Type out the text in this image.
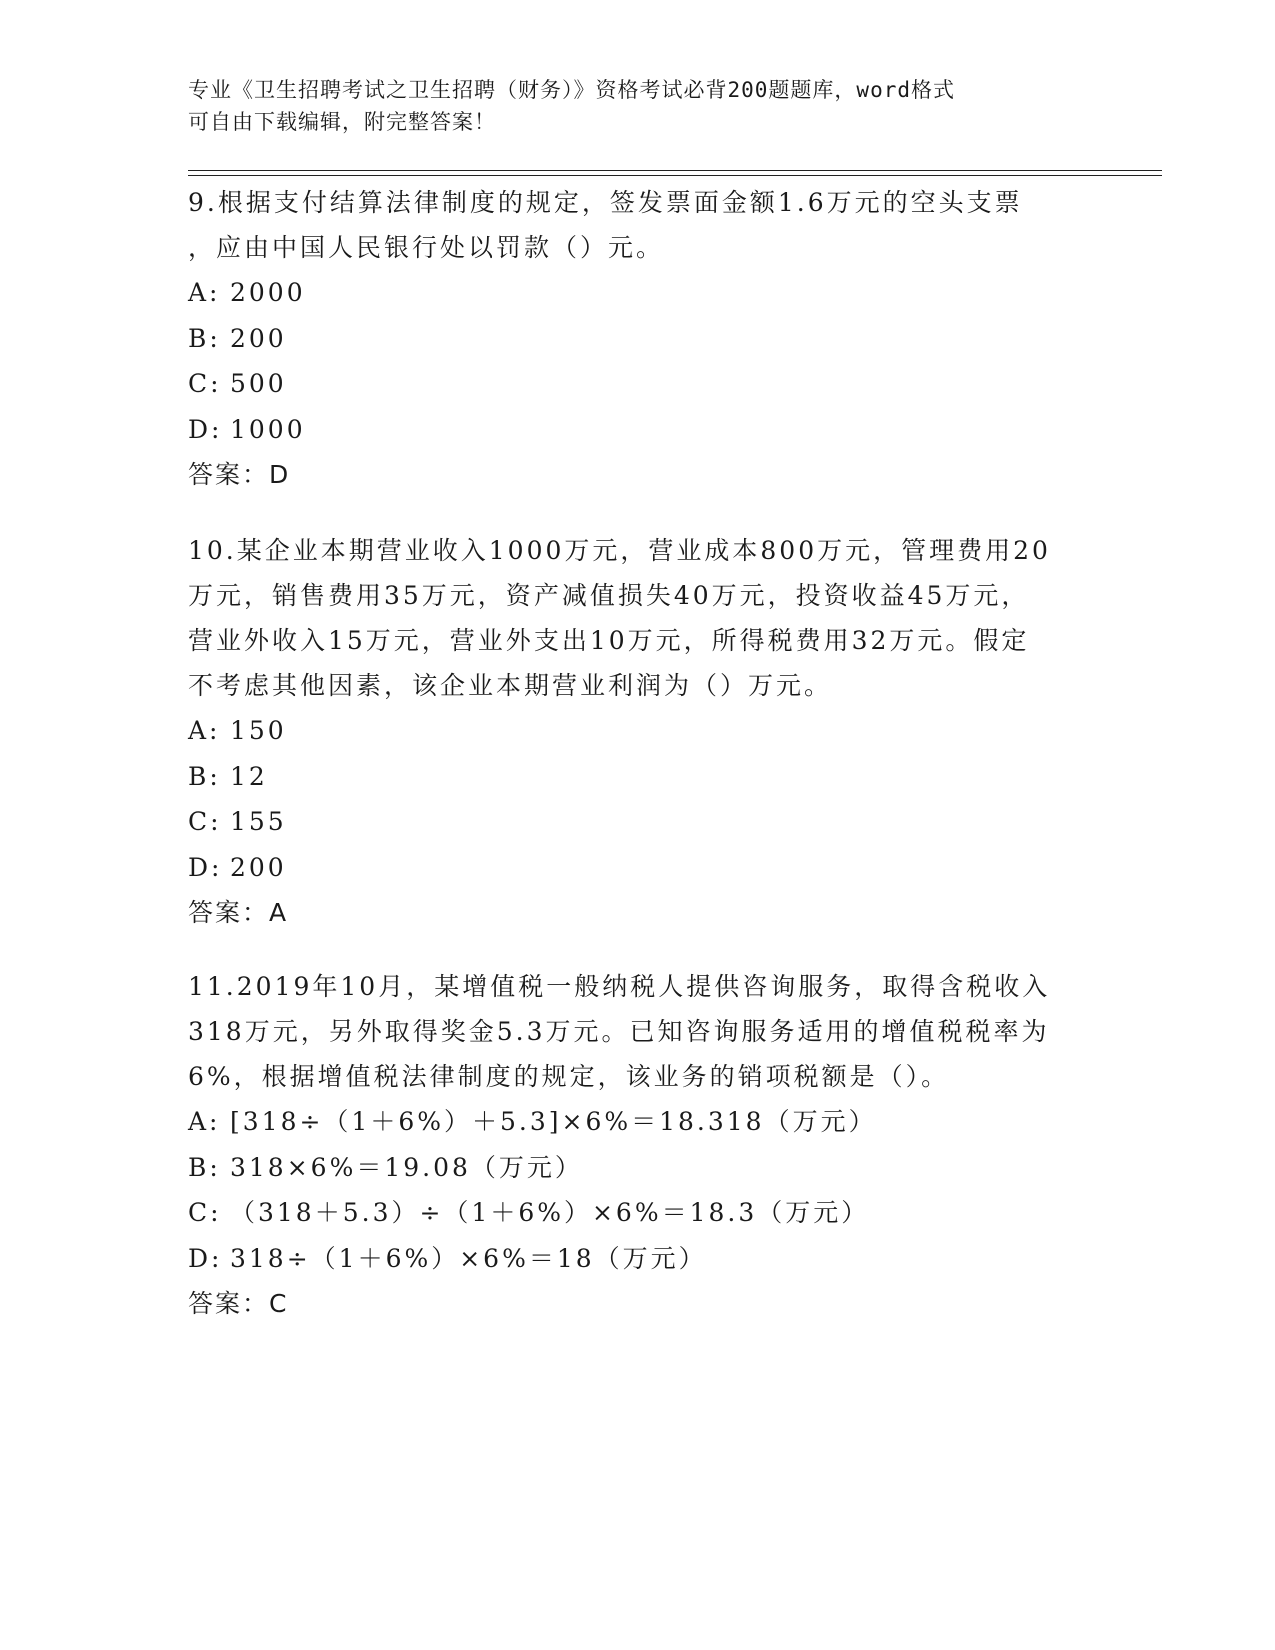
专业《卫生招聘考试之卫生招聘（财务）》资格考试必背200题题库，word格式
可自由下载编辑，附完整答案！
9.根据支付结算法律制度的规定，签发票面金额1.6万元的空头支票
，应由中国人民银行处以罚款（）元。
A: 2000
B: 200
C: 500
D: 1000
答案：D
10.某企业本期营业收入1000万元，营业成本800万元，管理费用20
万元，销售费用35万元，资产减值损失40万元，投资收益45万元，
营业外收入15万元，营业外支出10万元，所得税费用32万元。假定
不考虑其他因素，该企业本期营业利润为（）万元。
A: 150
B: 12
C: 155
D: 200
答案：A
11.2019年10月，某增值税一般纳税人提供咨询服务，取得含税收入
318万元，另外取得奖金5.3万元。已知咨询服务适用的增值税税率为
6%，根据增值税法律制度的规定，该业务的销项税额是（）。
A: [318÷（1＋6%）＋5.3]×6%＝18.318（万元）
B: 318×6%＝19.08（万元）
C: （318＋5.3）÷（1＋6%）×6%＝18.3（万元）
D: 318÷（1＋6%）×6%＝18（万元）
答案：C
